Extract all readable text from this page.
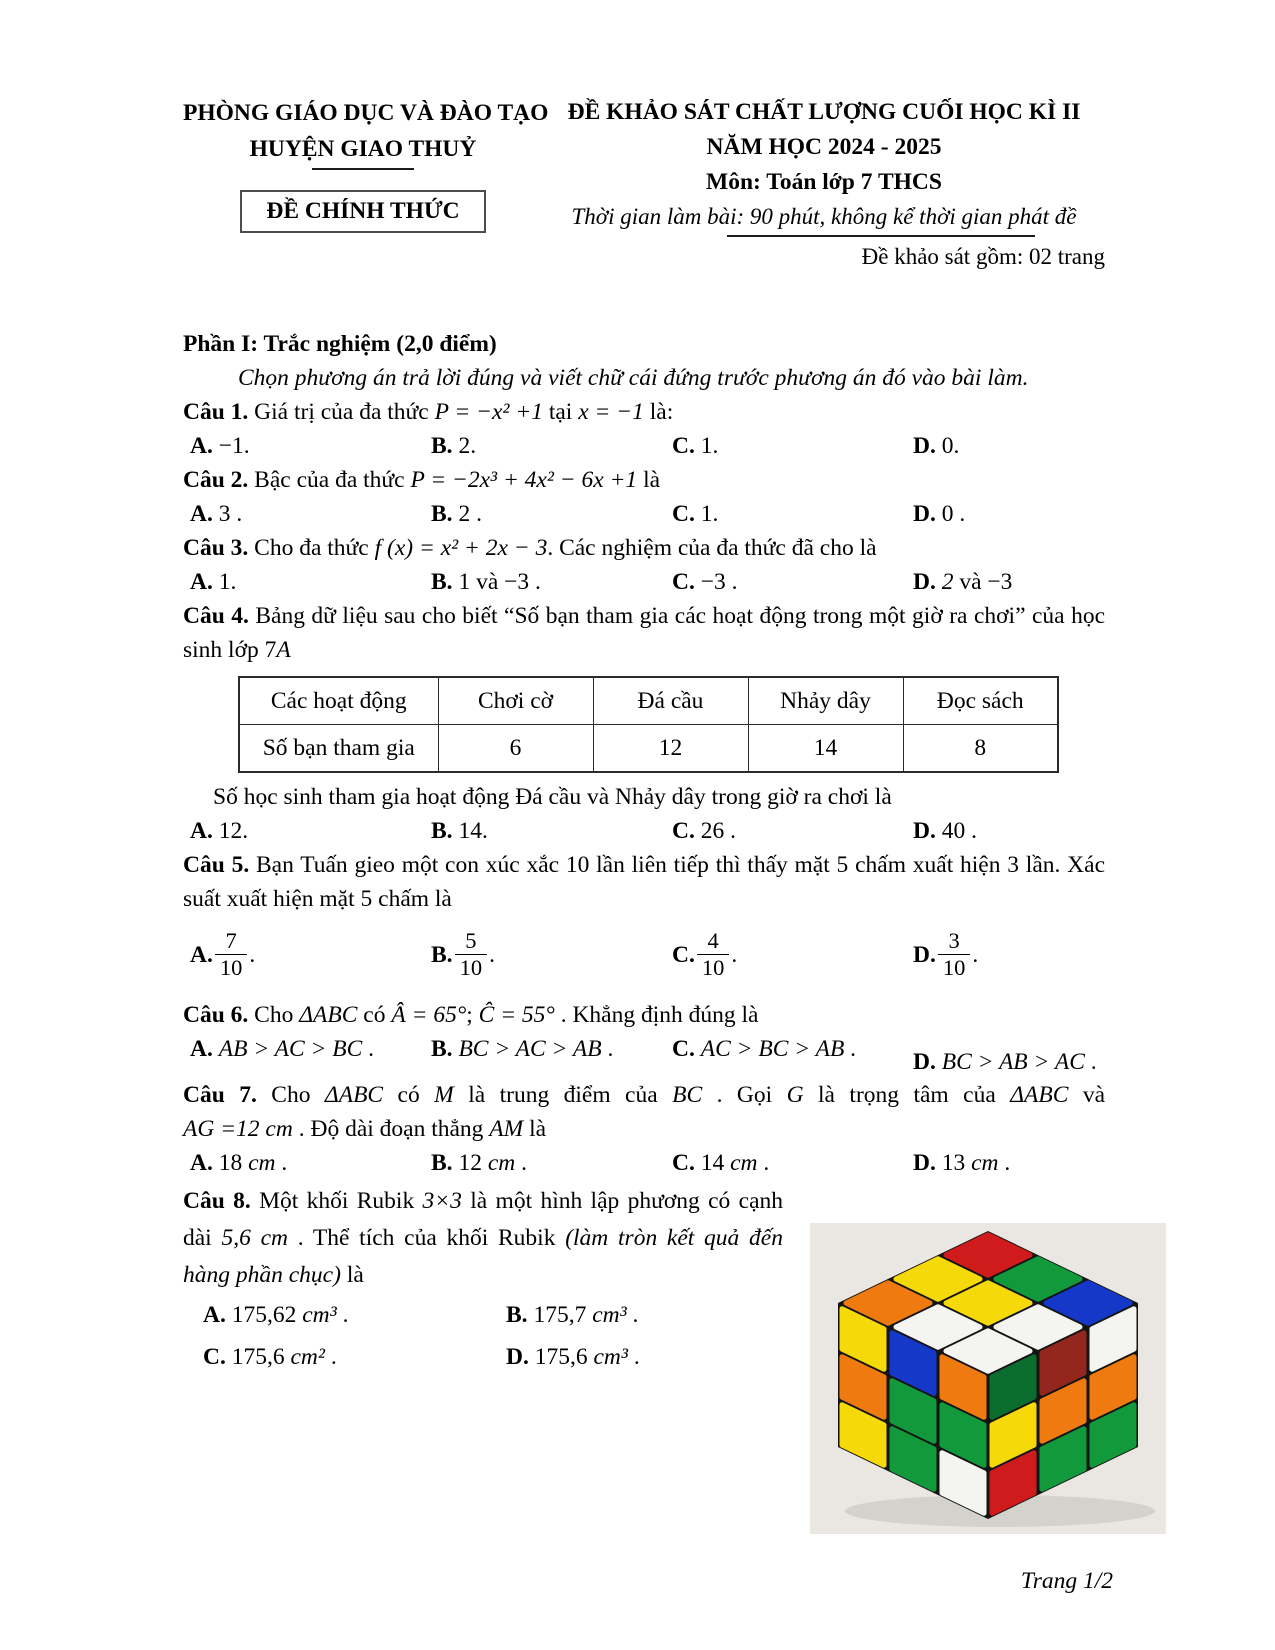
PHÒNG GIÁO DỤC VÀ ĐÀO TẠO
HUYỆN GIAO THUỶ
ĐỀ CHÍNH THỨC
ĐỀ KHẢO SÁT CHẤT LƯỢNG CUỐI HỌC KÌ II
NĂM HỌC 2024 - 2025
Môn: Toán lớp 7 THCS
Thời gian làm bài: 90 phút, không kể thời gian phát đề
Đề khảo sát gồm: 02 trang
Phần I: Trắc nghiệm (2,0 điểm)
Chọn phương án trả lời đúng và viết chữ cái đứng trước phương án đó vào bài làm.
Câu 1. Giá trị của đa thức P = −x² +1 tại x = −1 là:
A. −1.	B. 2.	C. 1.	D. 0.
Câu 2. Bậc của đa thức P = −2x³ + 4x² − 6x +1 là
A. 3 .	B. 2 .	C. 1.	D. 0 .
Câu 3. Cho đa thức f (x) = x² + 2x − 3. Các nghiệm của đa thức đã cho là
A. 1.	B. 1 và −3 .	C. −3 .	D. 2 và −3
Câu 4. Bảng dữ liệu sau cho biết “Số bạn tham gia các hoạt động trong một giờ ra chơi” của học
sinh lớp 7A
Các hoạt động	Chơi cờ	Đá cầu	Nhảy dây	Đọc sách
Số bạn tham gia	6	12	14	8
Số học sinh tham gia hoạt động Đá cầu và Nhảy dây trong giờ ra chơi là
A. 12.	B. 14.	C. 26 .	D. 40 .
Câu 5. Bạn Tuấn gieo một con xúc xắc 10 lần liên tiếp thì thấy mặt 5 chấm xuất hiện 3 lần. Xác
suất xuất hiện mặt 5 chấm là
A. $\frac{7}{10}$ .	B. $\frac{5}{10}$ .	C. $\frac{4}{10}$ .	D. $\frac{3}{10}$ .
Câu 6. Cho ΔABC có Â = 65°; Ĉ = 55° . Khẳng định đúng là
A. AB > AC > BC .	B. BC > AC > AB .	C. AC > BC > AB .	D. BC > AB > AC .
Câu 7. Cho ΔABC có M là trung điểm của BC . Gọi G là trọng tâm của ΔABC và
AG =12 cm . Độ dài đoạn thẳng AM là
A. 18 cm .	B. 12 cm .	C. 14 cm .	D. 13 cm .
Câu 8. Một khối Rubik 3×3 là một hình lập phương có cạnh
dài 5,6 cm . Thể tích của khối Rubik (làm tròn kết quả đến
hàng phần chục) là
A. 175,62 cm³ .	B. 175,7 cm³ .
C. 175,6 cm² .	D. 175,6 cm³ .
Trang 1/2
